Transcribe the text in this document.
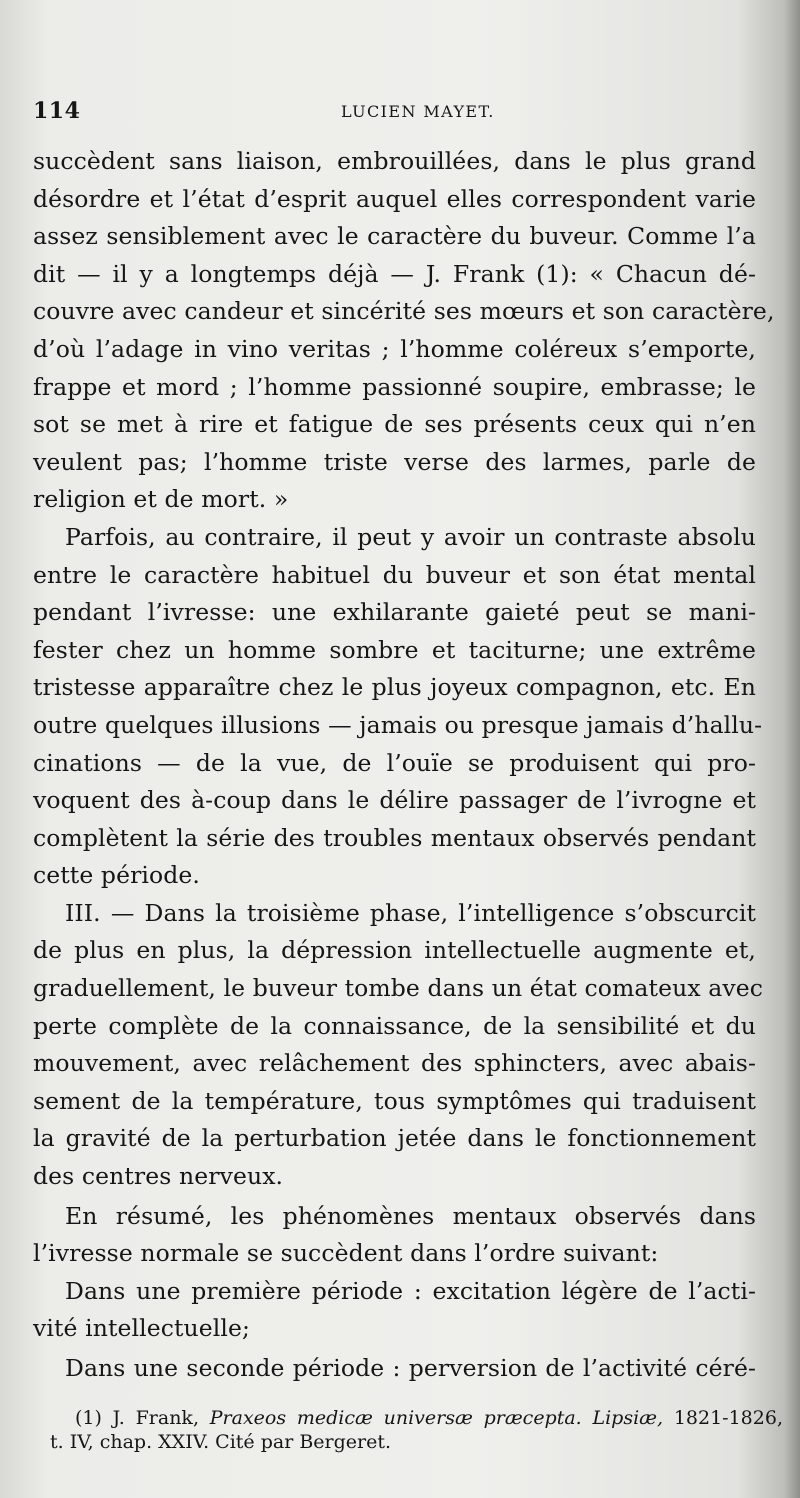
114	LUCIEN MAYET.
succèdent sans liaison, embrouillées, dans le plus grand
désordre et l’état d’esprit auquel elles correspondent varie
assez sensiblement avec le caractère du buveur. Comme l’a
dit — il y a longtemps déjà — J. Frank (1): « Chacun dé-
couvre avec candeur et sincérité ses mœurs et son caractère,
d’où l’adage in vino veritas ; l’homme coléreux s’emporte,
frappe et mord ; l’homme passionné soupire, embrasse; le
sot se met à rire et fatigue de ses présents ceux qui n’en
veulent pas; l’homme triste verse des larmes, parle de
religion et de mort. »
Parfois, au contraire, il peut y avoir un contraste absolu
entre le caractère habituel du buveur et son état mental
pendant l’ivresse: une exhilarante gaieté peut se mani-
fester chez un homme sombre et taciturne; une extrême
tristesse apparaître chez le plus joyeux compagnon, etc. En
outre quelques illusions — jamais ou presque jamais d’hallu-
cinations — de la vue, de l’ouïe se produisent qui pro-
voquent des à-coup dans le délire passager de l’ivrogne et
complètent la série des troubles mentaux observés pendant
cette période.
III. — Dans la troisième phase, l’intelligence s’obscurcit
de plus en plus, la dépression intellectuelle augmente et,
graduellement, le buveur tombe dans un état comateux avec
perte complète de la connaissance, de la sensibilité et du
mouvement, avec relâchement des sphincters, avec abais-
sement de la température, tous symptômes qui traduisent
la gravité de la perturbation jetée dans le fonctionnement
des centres nerveux.
En résumé, les phénomènes mentaux observés dans
l’ivresse normale se succèdent dans l’ordre suivant:
Dans une première période : excitation légère de l’acti-
vité intellectuelle;
Dans une seconde période : perversion de l’activité céré-
(1) J. Frank, Praxeos medicæ universæ præcepta. Lipsiæ, 1821-1826,
t. IV, chap. XXIV. Cité par Bergeret.
